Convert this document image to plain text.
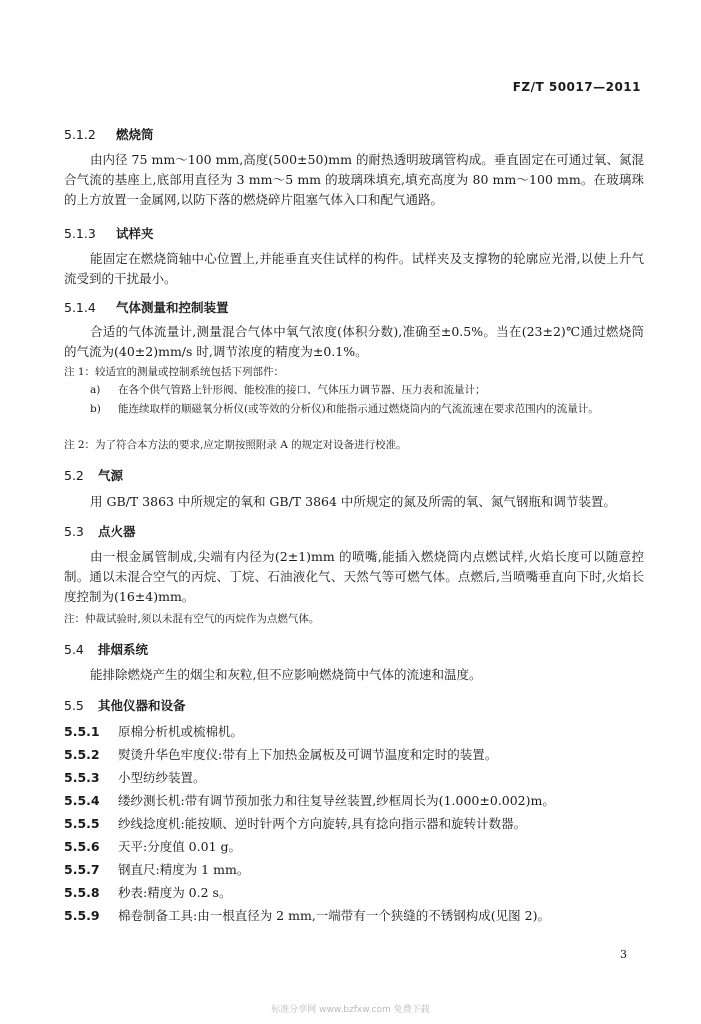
FZ/T 50017—2011
5.1.2 燃烧筒
由内径 75 mm～100 mm,高度(500±50)mm 的耐热透明玻璃管构成。垂直固定在可通过氧、氮混合气流的基座上,底部用直径为 3 mm～5 mm 的玻璃珠填充,填充高度为 80 mm～100 mm。在玻璃珠的上方放置一金属网,以防下落的燃烧碎片阻塞气体入口和配气通路。
5.1.3 试样夹
能固定在燃烧筒轴中心位置上,并能垂直夹住试样的构件。试样夹及支撑物的轮廓应光滑,以使上升气流受到的干扰最小。
5.1.4 气体测量和控制装置
合适的气体流量计,测量混合气体中氧气浓度(体积分数),准确至±0.5%。当在(23±2)℃通过燃烧筒的气流为(40±2)mm/s 时,调节浓度的精度为±0.1%。
注 1：较适宜的测量或控制系统包括下列部件：
a) 在各个供气管路上针形阀、能校准的接口、气体压力调节器、压力表和流量计；
b) 能连续取样的顺磁氧分析仪(或等效的分析仪)和能指示通过燃烧筒内的气流流速在要求范围内的流量计。
注 2：为了符合本方法的要求,应定期按照附录 A 的规定对设备进行校准。
5.2 气源
用 GB/T 3863 中所规定的氧和 GB/T 3864 中所规定的氮及所需的氧、氮气钢瓶和调节装置。
5.3 点火器
由一根金属管制成,尖端有内径为(2±1)mm 的喷嘴,能插入燃烧筒内点燃试样,火焰长度可以随意控制。通以未混合空气的丙烷、丁烷、石油液化气、天然气等可燃气体。点燃后,当喷嘴垂直向下时,火焰长度控制为(16±4)mm。
注：仲裁试验时,须以未混有空气的丙烷作为点燃气体。
5.4 排烟系统
能排除燃烧产生的烟尘和灰粒,但不应影响燃烧筒中气体的流速和温度。
5.5 其他仪器和设备
5.5.1 原棉分析机或梳棉机。
5.5.2 熨烫升华色牢度仪:带有上下加热金属板及可调节温度和定时的装置。
5.5.3 小型纺纱装置。
5.5.4 缕纱测长机:带有调节预加张力和往复导丝装置,纱框周长为(1.000±0.002)m。
5.5.5 纱线捻度机:能按顺、逆时针两个方向旋转,具有捻向指示器和旋转计数器。
5.5.6 天平:分度值 0.01 g。
5.5.7 钢直尺:精度为 1 mm。
5.5.8 秒表:精度为 0.2 s。
5.5.9 棉卷制备工具:由一根直径为 2 mm,一端带有一个狭缝的不锈钢构成(见图 2)。
3
标准分享网 www.bzfxw.com 免费下载
